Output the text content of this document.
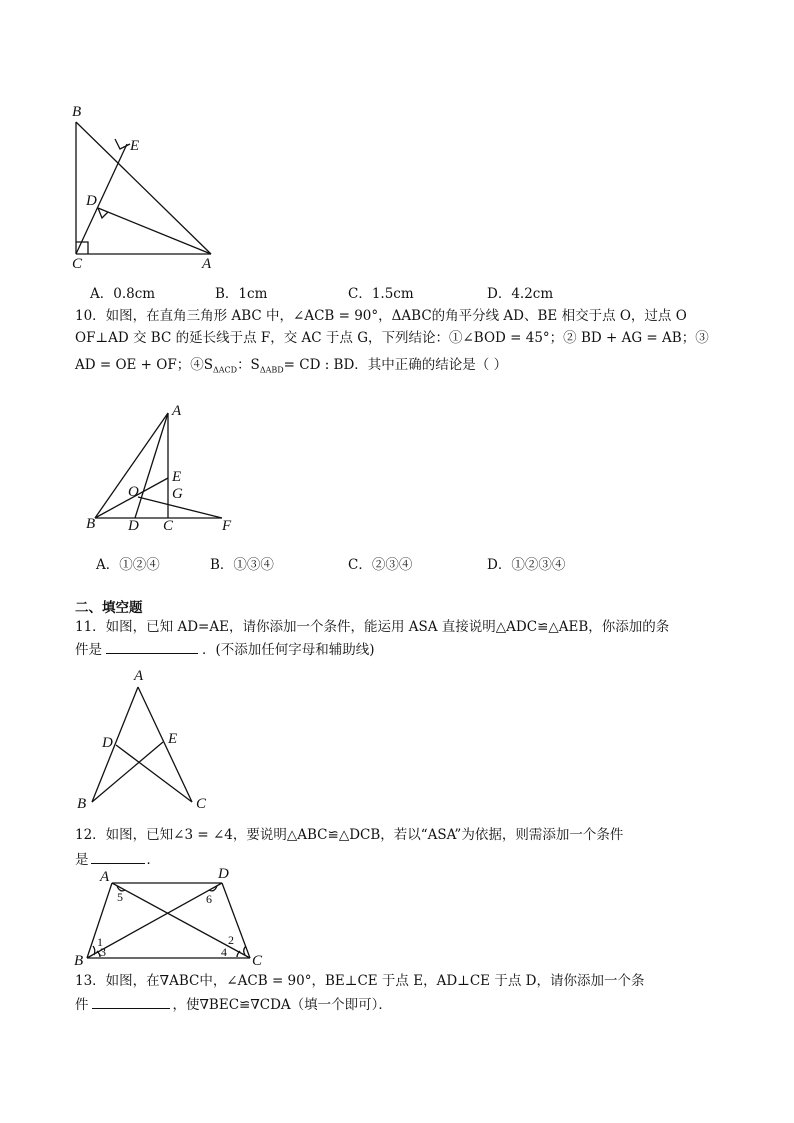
B
E
D
C	A
A．0.8cm	B．1cm	C．1.5cm	D．4.2cm
10．如图，在直角三角形 ABC 中，∠ACB = 90°，ΔABC的角平分线 AD、BE 相交于点 O，过点 O
OF⊥AD 交 BC 的延长线于点 F，交 AC 于点 G，下列结论：①∠BOD = 45°；② BD + AG = AB；③
AD = OE + OF；$④S_{\Delta ACD}$：$S_{\Delta ABD}=$ CD : BD．其中正确的结论是（ ）
A
E
O G
B D C	F
A．①②④	B．①③④	C．②③④	D．①②③④
二、填空题
11．如图，已知 AD=AE，请你添加一个条件，能运用 ASA 直接说明△ADC≌△AEB，你添加的条
件是	．(不添加任何字母和辅助线)
A
D	E
B	C
12．如图，已知∠3 = ∠4，要说明△ABC≌△DCB，若以“ASA”为依据，则需添加一个条件
是	．
A	D
B	C
5	6
1
3
2
4
13．如图，在∇ABC中，∠ACB = 90°，BE⊥CE 于点 E，AD⊥CE 于点 D，请你添加一个条
件	，使∇BEC≌∇CDA（填一个即可）．
